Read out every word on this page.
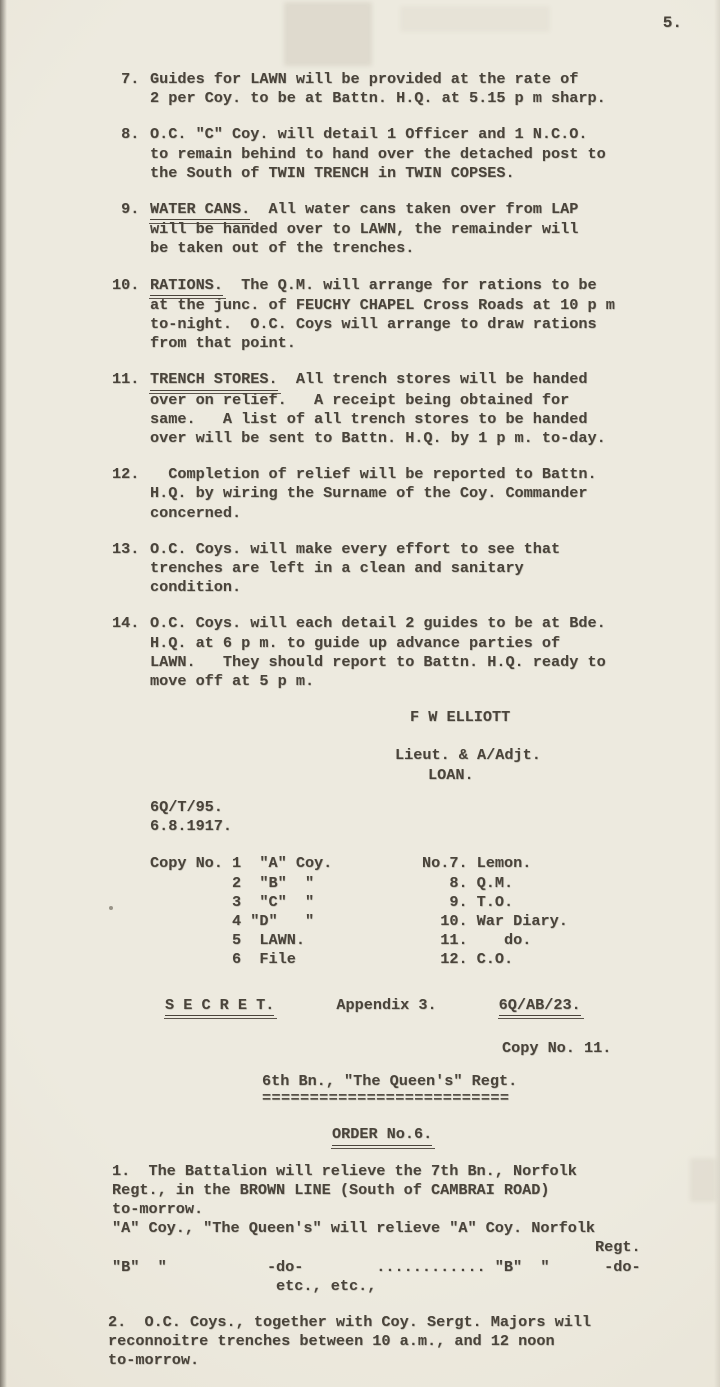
5.
7. Guides for LAWN will be provided at the rate of
2 per Coy. to be at Battn. H.Q. at 5.15 p m sharp.
8. O.C. "C" Coy. will detail 1 Officer and 1 N.C.O.
to remain behind to hand over the detached post to
the South of TWIN TRENCH in TWIN COPSES.
9. WATER CANS.  All water cans taken over from LAP
will be handed over to LAWN, the remainder will
be taken out of the trenches.
10. RATIONS.  The Q.M. will arrange for rations to be
at the junc. of FEUCHY CHAPEL Cross Roads at 10 p m
to-night.  O.C. Coys will arrange to draw rations
from that point.
11. TRENCH STORES.  All trench stores will be handed
over on relief.   A receipt being obtained for
same.   A list of all trench stores to be handed
over will be sent to Battn. H.Q. by 1 p m. to-day.
12. Completion of relief will be reported to Battn.
H.Q. by wiring the Surname of the Coy. Commander
concerned.
13. O.C. Coys. will make every effort to see that
trenches are left in a clean and sanitary
condition.
14. O.C. Coys. will each detail 2 guides to be at Bde.
H.Q. at 6 p m. to guide up advance parties of
LAWN.   They should report to Battn. H.Q. ready to
move off at 5 p m.
F W ELLIOTT
Lieut. & A/Adjt.
LOAN.
6Q/T/95.
6.8.1917.
Copy No. 1  "A" Coy.
2  "B"  "
3  "C"  "
4 "D"   "
5  LAWN.
6  File
No.7. Lemon.
8. Q.M.
9. T.O.
10. War Diary.
11.    do.
12. C.O.
S E C R E T.	Appendix 3.	6Q/AB/23.
Copy No. 11.
6th Bn., "The Queen's" Regt.
==========================
ORDER No.6.
1.  The Battalion will relieve the 7th Bn., Norfolk
Regt., in the BROWN LINE (South of CAMBRAI ROAD)
to-morrow.
"A" Coy., "The Queen's" will relieve "A" Coy. Norfolk
Regt.
"B"  "           -do-        ............ "B"  "      -do-
etc., etc.,
2.  O.C. Coys., together with Coy. Sergt. Majors will
reconnoitre trenches between 10 a.m., and 12 noon
to-morrow.
